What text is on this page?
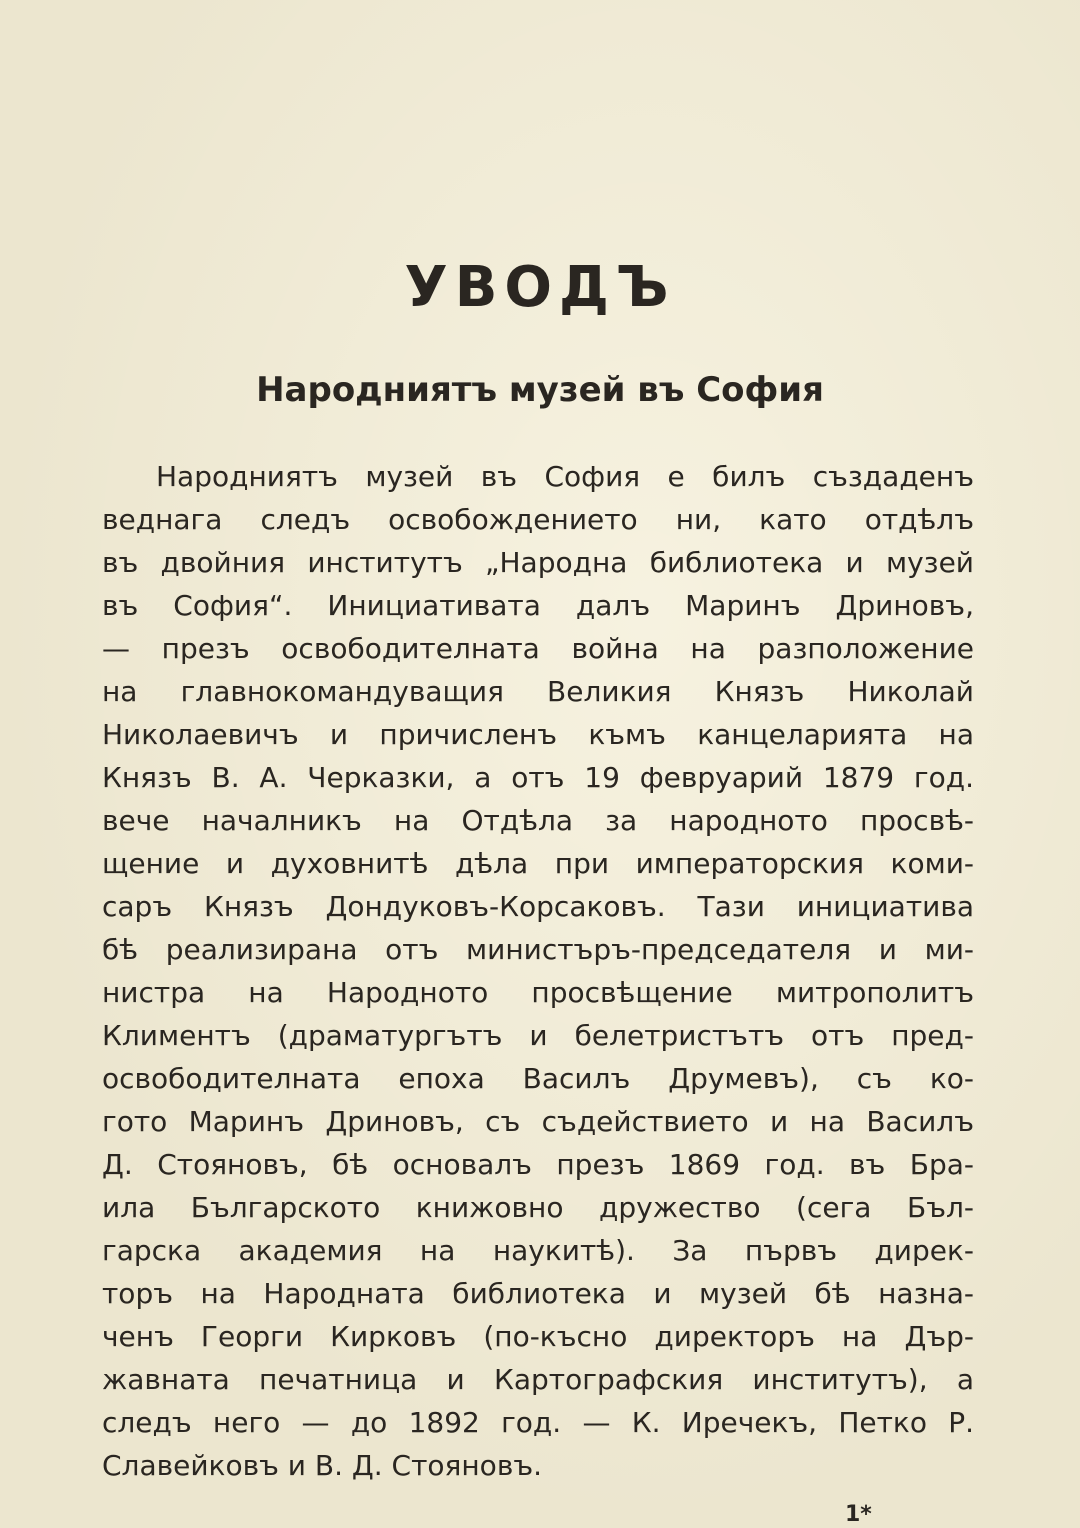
УВОДЪ
Народниятъ музей въ София
Народниятъ музей въ София е билъ създаденъ
веднага следъ освобождението ни, като отдѣлъ
въ двойния институтъ „Народна библиотека и музей
въ София“. Инициативата далъ Маринъ Дриновъ,
— презъ освободителната война на разположение
на главнокомандуващия Великия Князъ Николай
Николаевичъ и причисленъ къмъ канцеларията на
Князъ В. А. Черказки, а отъ 19 февруарий 1879 год.
вече началникъ на Отдѣла за народното просвѣ-
щение и духовнитѣ дѣла при императорския коми-
саръ Князъ Дондуковъ-Корсаковъ. Тази инициатива
бѣ реализирана отъ министъръ-председателя и ми-
нистра на Народното просвѣщение митрополитъ
Климентъ (драматургътъ и белетристътъ отъ пред-
освободителната епоха Василъ Друмевъ), съ ко-
гото Маринъ Дриновъ, съ съдействието и на Василъ
Д. Стояновъ, бѣ основалъ презъ 1869 год. въ Бра-
ила Българското книжовно дружество (сега Бъл-
гарска академия на наукитѣ). За първъ дирек-
торъ на Народната библиотека и музей бѣ назна-
ченъ Георги Кирковъ (по-късно директоръ на Дър-
жавната печатница и Картографския институтъ), а
следъ него — до 1892 год. — К. Иречекъ, Петко Р.
Славейковъ и В. Д. Стояновъ.
1*
